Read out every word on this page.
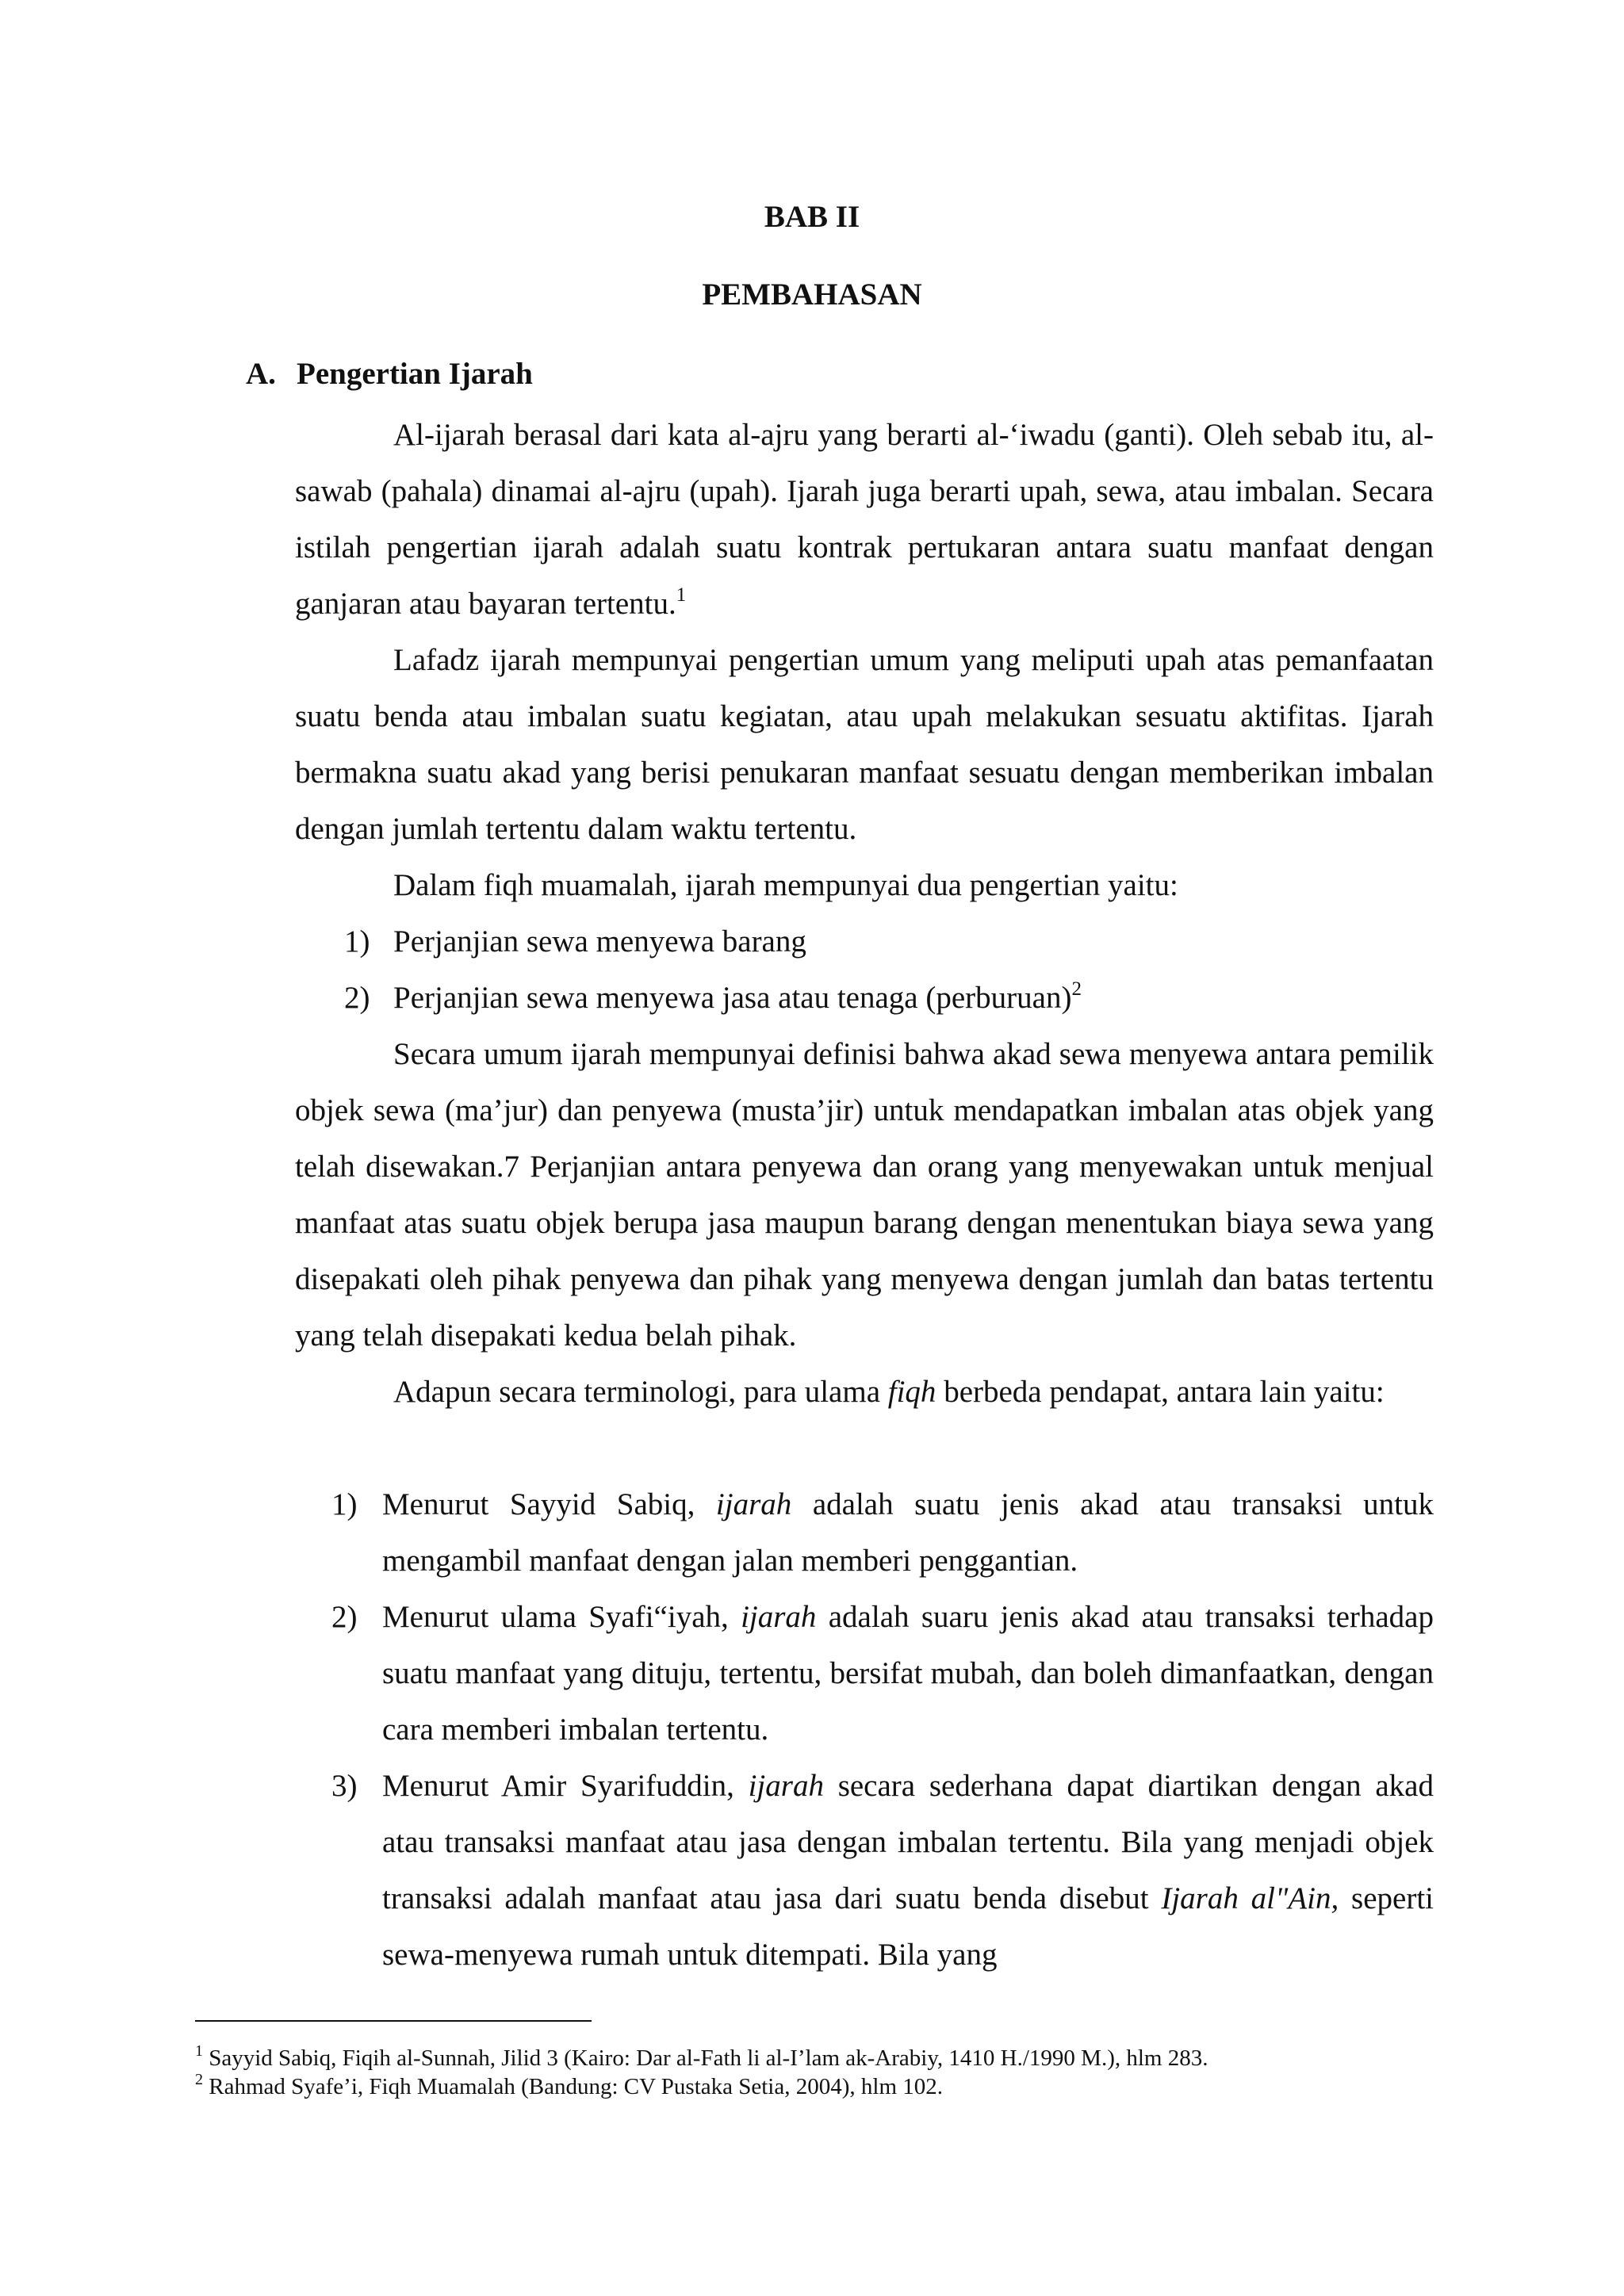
BAB II
PEMBAHASAN
A. Pengertian Ijarah

Al-ijarah berasal dari kata al-ajru yang berarti al-‘iwadu (ganti). Oleh sebab itu, al-sawab (pahala) dinamai al-ajru (upah). Ijarah juga berarti upah, sewa, atau imbalan. Secara istilah pengertian ijarah adalah suatu kontrak pertukaran antara suatu manfaat dengan ganjaran atau bayaran tertentu.$^1$

Lafadz ijarah mempunyai pengertian umum yang meliputi upah atas pemanfaatan suatu benda atau imbalan suatu kegiatan, atau upah melakukan sesuatu aktifitas. Ijarah bermakna suatu akad yang berisi penukaran manfaat sesuatu dengan memberikan imbalan dengan jumlah tertentu dalam waktu tertentu.

Dalam fiqh muamalah, ijarah mempunyai dua pengertian yaitu:

1) Perjanjian sewa menyewa barang
2) Perjanjian sewa menyewa jasa atau tenaga (perburuan)$^2$

Secara umum ijarah mempunyai definisi bahwa akad sewa menyewa antara pemilik objek sewa (ma’jur) dan penyewa (musta’jir) untuk mendapatkan imbalan atas objek yang telah disewakan.7 Perjanjian antara penyewa dan orang yang menyewakan untuk menjual manfaat atas suatu objek berupa jasa maupun barang dengan menentukan biaya sewa yang disepakati oleh pihak penyewa dan pihak yang menyewa dengan jumlah dan batas tertentu yang telah disepakati kedua belah pihak.

Adapun secara terminologi, para ulama fiqh berbeda pendapat, antara lain yaitu:

1) Menurut Sayyid Sabiq, ijarah adalah suatu jenis akad atau transaksi untuk mengambil manfaat dengan jalan memberi penggantian.

2) Menurut ulama Syafi“iyah, ijarah adalah suaru jenis akad atau transaksi terhadap suatu manfaat yang dituju, tertentu, bersifat mubah, dan boleh dimanfaatkan, dengan cara memberi imbalan tertentu.

3) Menurut Amir Syarifuddin, ijarah secara sederhana dapat diartikan dengan akad atau transaksi manfaat atau jasa dengan imbalan tertentu. Bila yang menjadi objek transaksi adalah manfaat atau jasa dari suatu benda disebut Ijarah al"Ain, seperti sewa-menyewa rumah untuk ditempati. Bila yang

$^1$ Sayyid Sabiq, Fiqih al-Sunnah, Jilid 3 (Kairo: Dar al-Fath li al-I’lam ak-Arabiy, 1410 H./1990 M.), hlm 283.

$^2$ Rahmad Syafe’i, Fiqh Muamalah (Bandung: CV Pustaka Setia, 2004), hlm 102.
